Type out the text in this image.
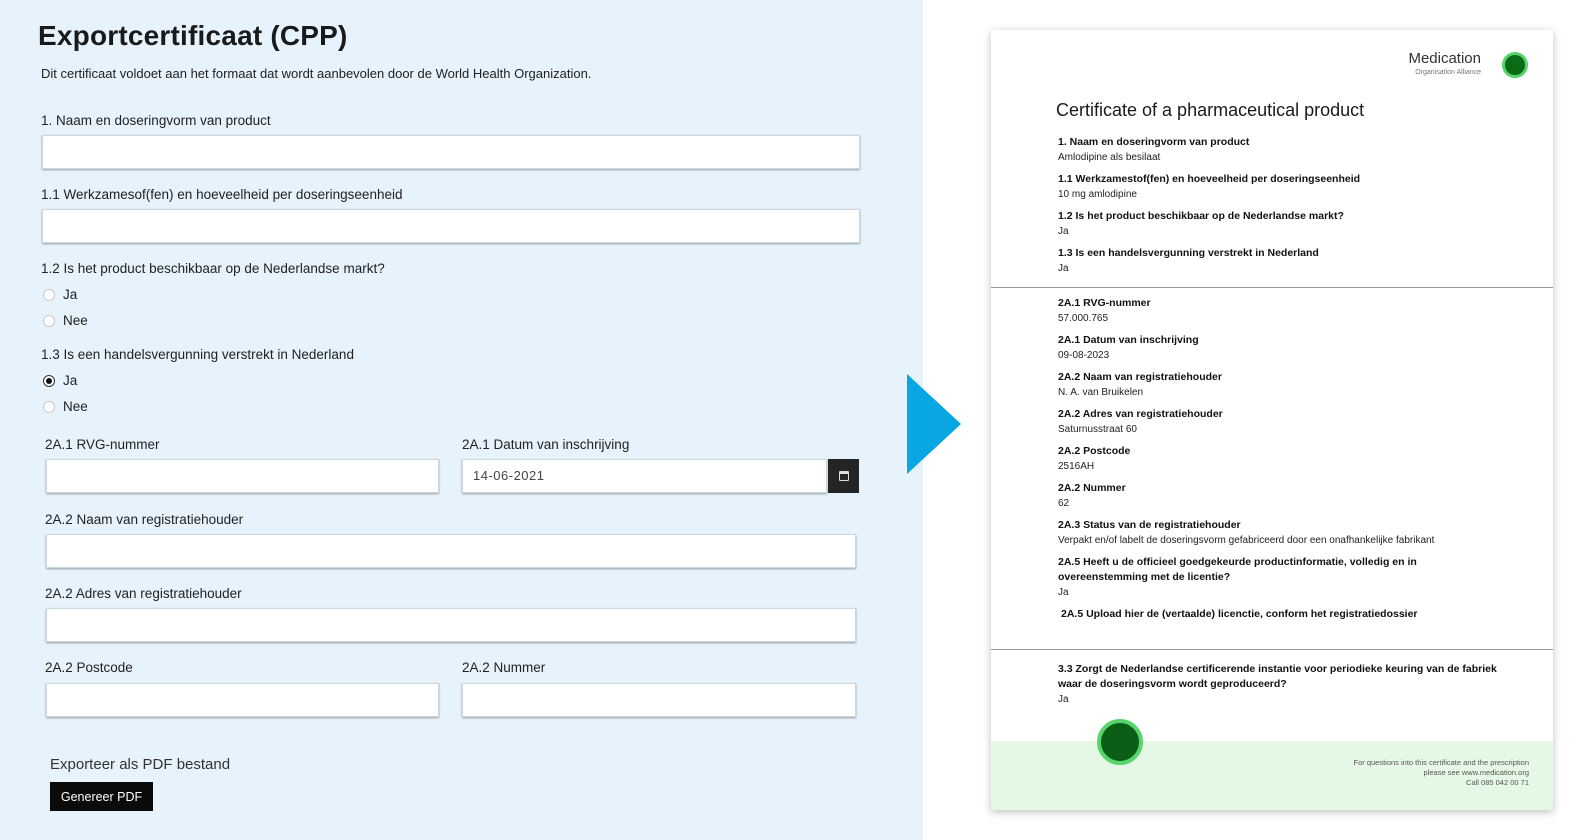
Exportcertificaat (CPP)
Dit certificaat voldoet aan het formaat dat wordt aanbevolen door de World Health Organization.
1. Naam en doseringvorm van product
1.1 Werkzamesof(fen) en hoeveelheid per doseringseenheid
1.2 Is het product beschikbaar op de Nederlandse markt?
Ja
Nee
1.3 Is een handelsvergunning verstrekt in Nederland
Ja
Nee
2A.1 RVG-nummer	2A.1 Datum van inschrijving
14-06-2021
2A.2 Naam van registratiehouder
2A.2 Adres van registratiehouder
2A.2 Postcode	2A.2 Nummer
Exporteer als PDF bestand
Genereer PDF
Medication
Organisation Alliance
Certificate of a pharmaceutical product
1. Naam en doseringvorm van product
Amlodipine als besilaat
1.1 Werkzamestof(fen) en hoeveelheid per doseringseenheid
10 mg amlodipine
1.2 Is het product beschikbaar op de Nederlandse markt?
Ja
1.3 Is een handelsvergunning verstrekt in Nederland
Ja
2A.1 RVG-nummer
57.000.765
2A.1 Datum van inschrijving
09-08-2023
2A.2 Naam van registratiehouder
N. A. van Bruikelen
2A.2 Adres van registratiehouder
Saturnusstraat 60
2A.2 Postcode
2516AH
2A.2 Nummer
62
2A.3 Status van de registratiehouder
Verpakt en/of labelt de doseringsvorm gefabriceerd door een onafhankelijke fabrikant
2A.5 Heeft u de officieel goedgekeurde productinformatie, volledig en in overeenstemming met de licentie?
Ja
2A.5 Upload hier de (vertaalde) licenctie, conform het registratiedossier
3.3 Zorgt de Nederlandse certificerende instantie voor periodieke keuring van de fabriek waar de doseringsvorm wordt geproduceerd?
Ja
For questions into this certificate and the prescription
please see www.medication.org
Call 085 042 00 71
